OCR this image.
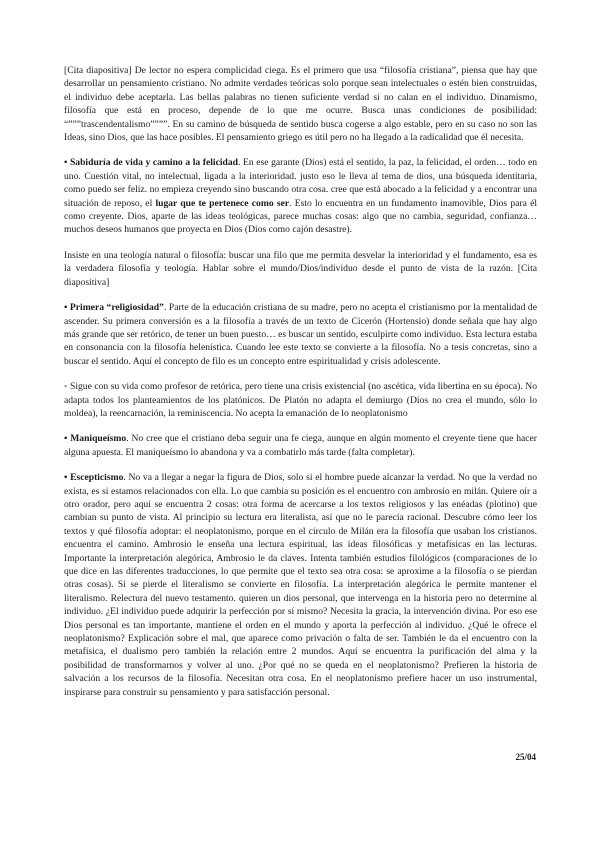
[Cita diapositiva] De lector no espera complicidad ciega. Es el primero que usa “filosofía cristiana”, piensa que hay que desarrollar un pensamiento cristiano. No admite verdades teóricas solo porque sean intelectuales o estén bien construidas, el individuo debe aceptarla. Las bellas palabras no tienen suficiente verdad si no calan en el individuo. Dinamismo, filosofía que está en proceso, depende de lo que me ocurre. Busca unas condiciones de posibilidad: “”””trascendentalismo””””. En su camino de búsqueda de sentido busca cogerse a algo estable, pero en su caso no son las Ideas, sino Dios, que las hace posibles. El pensamiento griego es útil pero no ha llegado a la radicalidad que él necesita.

• Sabiduría de vida y camino a la felicidad. En ese garante (Dios) está el sentido, la paz, la felicidad, el orden… todo en uno. Cuestión vital, no intelectual, ligada a la interioridad. justo eso le lleva al tema de dios, una búsqueda identitaria, como puedo ser feliz. no empieza creyendo sino buscando otra cosa. cree que está abocado a la felicidad y a encontrar una situación de reposo, el lugar que te pertenece como ser. Esto lo encuentra en un fundamento inamovible, Dios para él como creyente. Dios, aparte de las ideas teológicas, parece muchas cosas: algo que no cambia, seguridad, confianza… muchos deseos humanos que proyecta en Dios (Dios como cajón desastre).

Insiste en una teología natural o filosofía: buscar una filo que me permita desvelar la interioridad y el fundamento, esa es la verdadera filosofía y teología. Hablar sobre el mundo/Dios/individuo desde el punto de vista de la razón. [Cita diapositiva]

• Primera “religiosidad”. Parte de la educación cristiana de su madre, pero no acepta el cristianismo por la mentalidad de ascender. Su primera conversión es a la filosofía a través de un texto de Cicerón (Hortensio) donde señala que hay algo más grande que ser retórico, de tener un buen puesto… es buscar un sentido, esculpirte como individuo. Esta lectura estaba en consonancia con la filosofía helenística. Cuando lee este texto se convierte a la filosofía. No a tesis concretas, sino a buscar el sentido. Aquí el concepto de filo es un concepto entre espiritualidad y crisis adolescente.

◦ Sigue con su vida como profesor de retórica, pero tiene una crisis existencial (no ascética, vida libertina en su época). No adapta todos los planteamientos de los platónicos. De Platón no adapta el demiurgo (Dios no crea el mundo, sólo lo moldea), la reencarnación, la reminiscencia. No acepta la emanación de lo neoplatonismo

• Maniqueísmo. No cree que el cristiano deba seguir una fe ciega, aunque en algún momento el creyente tiene que hacer alguna apuesta. El maniqueísmo lo abandona y va a combatirlo más tarde (falta completar).

• Escepticismo. No va a llegar a negar la figura de Dios, solo si el hombre puede alcanzar la verdad. No que la verdad no exista, es si estamos relacionados con ella. Lo que cambia su posición es el encuentro con ambrosio en milán. Quiere oír a otro orador, pero aquí se encuentra 2 cosas: otra forma de acercarse a los textos religiosos y las enéadas (plotino) que cambian su punto de vista. Al principio su lectura era literalista, así que no le parecía racional. Descubre cómo leer los textos y qué filosofía adoptar: el neoplatonismo, porque en el círculo de Milán era la filosofía que usaban los cristianos. encuentra el camino. Ambrosio le enseña una lectura espiritual, las ideas filosóficas y metafísicas en las lecturas. Importante la interpretación alegórica, Ambrosio le da claves. Intenta también estudios filológicos (comparaciones de lo que dice en las diferentes traducciones, lo que permite que el texto sea otra cosa: se aproxime a la filosofía o se pierdan otras cosas). Si se pierde el literalismo se convierte en filosofía. La interpretación alegórica le permite mantener el literalismo. Relectura del nuevo testamento. quieren un dios personal, que intervenga en la historia pero no determine al individuo. ¿El individuo puede adquirir la perfección por sí mismo? Necesita la gracia, la intervención divina. Por eso ese Dios personal es tan importante, mantiene el orden en el mundo y aporta la perfección al individuo. ¿Qué le ofrece el neoplatonismo? Explicación sobre el mal, que aparece como privación o falta de ser. También le da el encuentro con la metafísica, el dualismo pero también la relación entre 2 mundos. Aquí se encuentra la purificación del alma y la posibilidad de transformarnos y volver al uno. ¿Por qué no se queda en el neoplatonismo? Prefieren la historia de salvación a los recursos de la filosofía. Necesitan otra cosa. En el neoplatonismo prefiere hacer un uso instrumental, inspirarse para construir su pensamiento y para satisfacción personal.

25/04
